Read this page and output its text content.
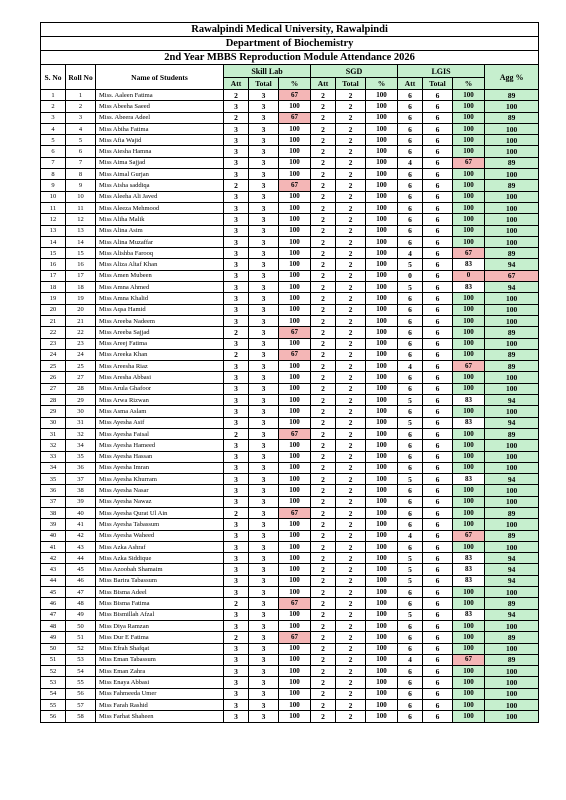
Rawalpindi Medical University, Rawalpindi												
Department of Biochemistry												
2nd Year MBBS Reproduction Module Attendance 2026												
S. No	Roll No	Name of Students	Skill Lab			SGD			LGIS			Agg %
			Att	Total	%	Att	Total	%	Att	Total	%	
1	1	Miss. Aaleen Fatima	2	3	67	2	2	100	6	6	100	89
2	2	Miss Abeeha Saeed	3	3	100	2	2	100	6	6	100	100
3	3	Miss. Abeera Adeel	2	3	67	2	2	100	6	6	100	89
4	4	Miss Abiha Fatima	3	3	100	2	2	100	6	6	100	100
5	5	Miss Afia Wajid	3	3	100	2	2	100	6	6	100	100
6	6	Miss Aiesha Hamna	3	3	100	2	2	100	6	6	100	100
7	7	Miss Aima Sajjad	3	3	100	2	2	100	4	6	67	89
8	8	Miss Aimal Gurjan	3	3	100	2	2	100	6	6	100	100
9	9	Miss Aisha saddiqa	2	3	67	2	2	100	6	6	100	89
10	10	Miss Aleeha Ali Javed	3	3	100	2	2	100	6	6	100	100
11	11	Miss Aleeza Mehmood	3	3	100	2	2	100	6	6	100	100
12	12	Miss Aliha Malik	3	3	100	2	2	100	6	6	100	100
13	13	Miss Alina Asim	3	3	100	2	2	100	6	6	100	100
14	14	Miss Alina Muzaffar	3	3	100	2	2	100	6	6	100	100
15	15	Miss Alishba Farooq	3	3	100	2	2	100	4	6	67	89
16	16	Miss Aliza Altaf Khan	3	3	100	2	2	100	5	6	83	94
17	17	Miss Amen Mubeen	3	3	100	2	2	100	0	6	0	67
18	18	Miss Amna Ahmed	3	3	100	2	2	100	5	6	83	94
19	19	Miss Amna Khalid	3	3	100	2	2	100	6	6	100	100
20	20	Miss Aqsa Hamid	3	3	100	2	2	100	6	6	100	100
21	21	Miss Areeba Nadeem	3	3	100	2	2	100	6	6	100	100
22	22	Miss Areeba Sajjad	2	3	67	2	2	100	6	6	100	89
23	23	Miss Areej Fatima	3	3	100	2	2	100	6	6	100	100
24	24	Miss Areeka Khan	2	3	67	2	2	100	6	6	100	89
25	25	Miss Areesha Riaz	3	3	100	2	2	100	4	6	67	89
26	27	Miss Aresha Abbasi	3	3	100	2	2	100	6	6	100	100
27	28	Miss Arula Ghafoor	3	3	100	2	2	100	6	6	100	100
28	29	Miss Arwa Rizwan	3	3	100	2	2	100	5	6	83	94
29	30	Miss Asma Aslam	3	3	100	2	2	100	6	6	100	100
30	31	Miss Ayesha Asif	3	3	100	2	2	100	5	6	83	94
31	32	Miss Ayesha Faisal	2	3	67	2	2	100	6	6	100	89
32	34	Miss Ayesha Hameed	3	3	100	2	2	100	6	6	100	100
33	35	Miss Ayesha Hassan	3	3	100	2	2	100	6	6	100	100
34	36	Miss Ayesha Imran	3	3	100	2	2	100	6	6	100	100
35	37	Miss Ayesha Khurram	3	3	100	2	2	100	5	6	83	94
36	38	Miss Ayesha Nasar	3	3	100	2	2	100	6	6	100	100
37	39	Miss Ayesha Nawaz	3	3	100	2	2	100	6	6	100	100
38	40	Miss Ayesha Qurat Ul Ain	2	3	67	2	2	100	6	6	100	89
39	41	Miss Ayesha Tabassum	3	3	100	2	2	100	6	6	100	100
40	42	Miss Ayesha Waheed	3	3	100	2	2	100	4	6	67	89
41	43	Miss Azka Ashraf	3	3	100	2	2	100	6	6	100	100
42	44	Miss Azka Siddique	3	3	100	2	2	100	5	6	83	94
43	45	Miss Azoobah Shamaim	3	3	100	2	2	100	5	6	83	94
44	46	Miss Barira Tabassum	3	3	100	2	2	100	5	6	83	94
45	47	Miss Bisma Adeel	3	3	100	2	2	100	6	6	100	100
46	48	Miss Bisma Fatima	2	3	67	2	2	100	6	6	100	89
47	49	Miss Bismillah Afzal	3	3	100	2	2	100	5	6	83	94
48	50	Miss Diya Ramzan	3	3	100	2	2	100	6	6	100	100
49	51	Miss Dur E Fatima	2	3	67	2	2	100	6	6	100	89
50	52	Miss Efrah Shafqat	3	3	100	2	2	100	6	6	100	100
51	53	Miss Eman Tabassum	3	3	100	2	2	100	4	6	67	89
52	54	Miss Eman Zahra	3	3	100	2	2	100	6	6	100	100
53	55	Miss Enaya Abbasi	3	3	100	2	2	100	6	6	100	100
54	56	Miss Fahmeeda Umer	3	3	100	2	2	100	6	6	100	100
55	57	Miss Farah Rashid	3	3	100	2	2	100	6	6	100	100
56	58	Miss Farhat Shaheen	3	3	100	2	2	100	6	6	100	100
